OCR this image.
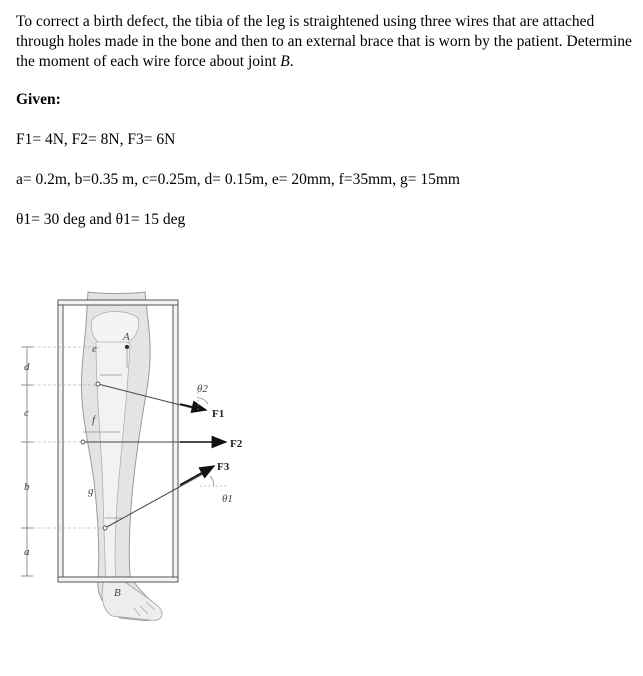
To correct a birth defect, the tibia of the leg is straightened using three wires that are attached through holes made in the bone and then to an external brace that is worn by the patient. Determine the moment of each wire force about joint B.

Given:
F1= 4N, F2= 8N, F3= 6N
a= 0.2m, b=0.35 m, c=0.25m, d= 0.15m, e= 20mm, f=35mm, g= 15mm
θ1= 30 deg and θ1= 15 deg
d
c
b
a
e
f
g
A
B
F1
F2
F3
θ2
θ1
